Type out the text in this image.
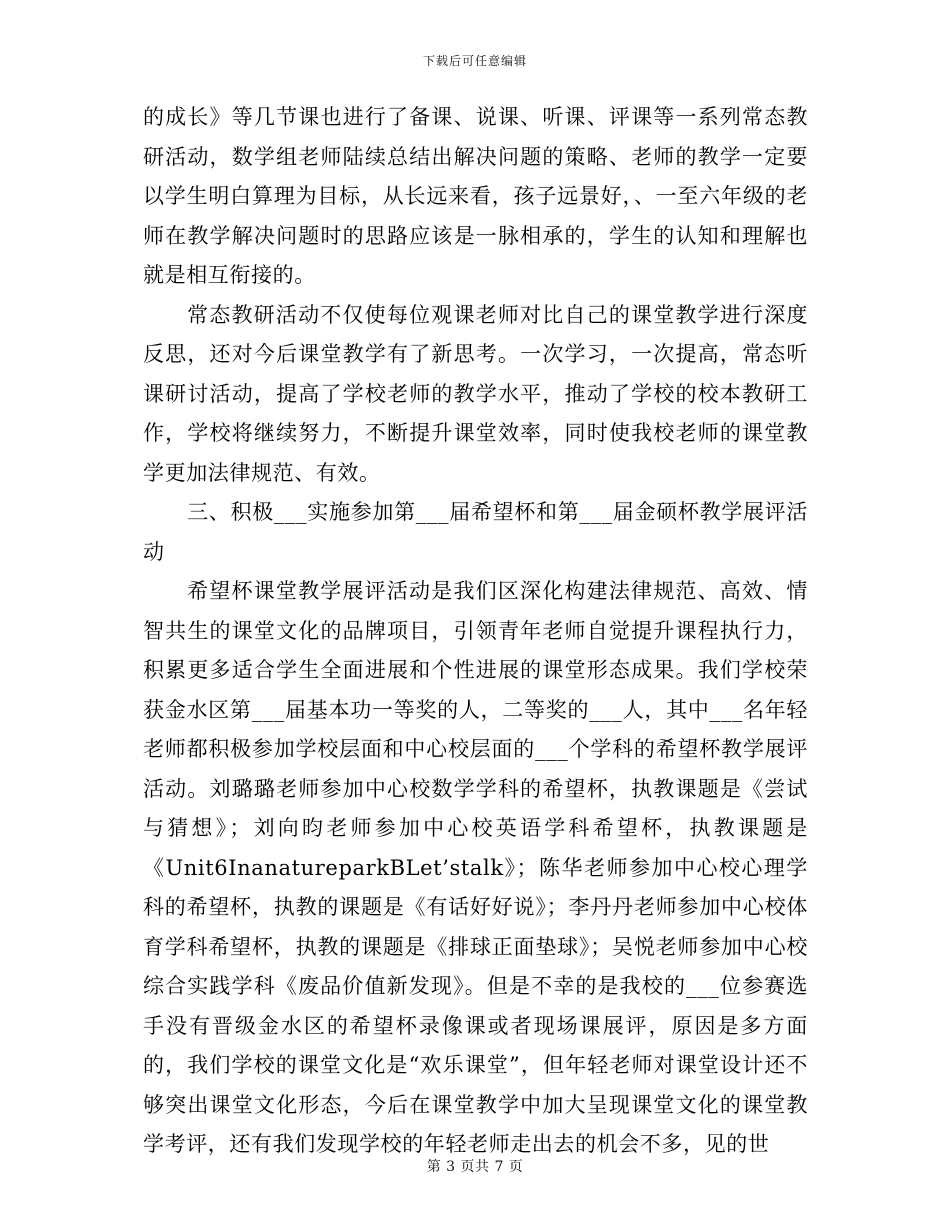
下载后可任意编辑

的成长》等几节课也进行了备课、说课、听课、评课等一系列常态教研活动，数学组老师陆续总结出解决问题的策略、老师的教学一定要以学生明白算理为目标，从长远来看，孩子远景好，、一至六年级的老师在教学解决问题时的思路应该是一脉相承的，学生的认知和理解也就是相互衔接的。

常态教研活动不仅使每位观课老师对比自己的课堂教学进行深度反思，还对今后课堂教学有了新思考。一次学习，一次提高，常态听课研讨活动，提高了学校老师的教学水平，推动了学校的校本教研工作，学校将继续努力，不断提升课堂效率，同时使我校老师的课堂教学更加法律规范、有效。

三、积极___实施参加第___届希望杯和第___届金硕杯教学展评活动

希望杯课堂教学展评活动是我们区深化构建法律规范、高效、情智共生的课堂文化的品牌项目，引领青年老师自觉提升课程执行力，积累更多适合学生全面进展和个性进展的课堂形态成果。我们学校荣获金水区第___届基本功一等奖的人，二等奖的___人，其中___名年轻老师都积极参加学校层面和中心校层面的___个学科的希望杯教学展评活动。刘璐璐老师参加中心校数学学科的希望杯，执教课题是《尝试与猜想》；刘向昀老师参加中心校英语学科希望杯，执教课题是《Unit6InanatureparkBLet’stalk》；陈华老师参加中心校心理学科的希望杯，执教的课题是《有话好好说》；李丹丹老师参加中心校体育学科希望杯，执教的课题是《排球正面垫球》；吴悦老师参加中心校综合实践学科《废品价值新发现》。但是不幸的是我校的___位参赛选手没有晋级金水区的希望杯录像课或者现场课展评，原因是多方面的，我们学校的课堂文化是“欢乐课堂”，但年轻老师对课堂设计还不够突出课堂文化形态，今后在课堂教学中加大呈现课堂文化的课堂教学考评，还有我们发现学校的年轻老师走出去的机会不多，见的世

第 3 页共 7 页
